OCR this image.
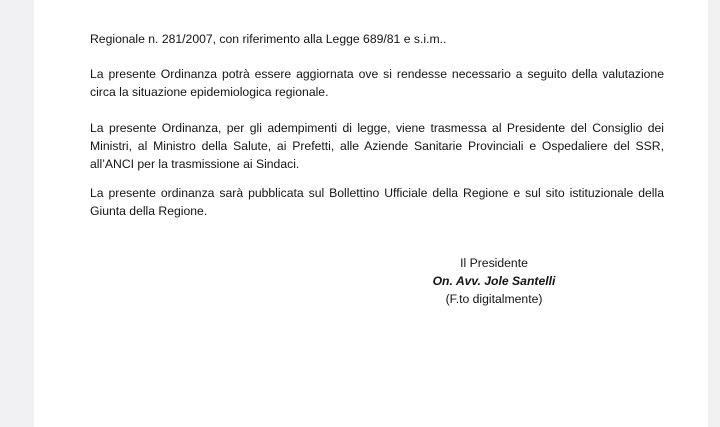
Regionale n. 281/2007, con riferimento alla Legge 689/81 e s.i.m..

La presente Ordinanza potrà essere aggiornata ove si rendesse necessario a seguito della valutazione circa la situazione epidemiologica regionale.

La presente Ordinanza, per gli adempimenti di legge, viene trasmessa al Presidente del Consiglio dei Ministri, al Ministro della Salute, ai Prefetti, alle Aziende Sanitarie Provinciali e Ospedaliere del SSR, all’ANCI per la trasmissione ai Sindaci.

La presente ordinanza sarà pubblicata sul Bollettino Ufficiale della Regione e sul sito istituzionale della Giunta della Regione.

Il Presidente
On. Avv. Jole Santelli
(F.to digitalmente)
